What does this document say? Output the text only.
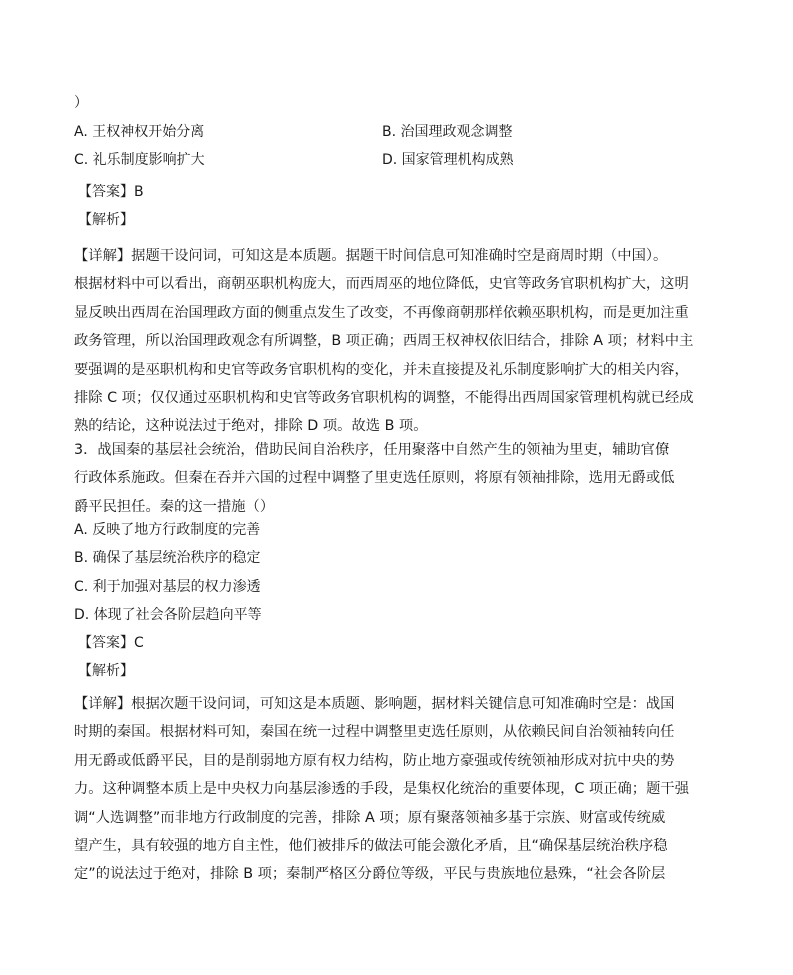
）
A. 王权神权开始分离	B. 治国理政观念调整
C. 礼乐制度影响扩大	D. 国家管理机构成熟
【答案】B
【解析】
【详解】据题干设问词，可知这是本质题。据题干时间信息可知准确时空是商周时期（中国）。
根据材料中可以看出，商朝巫职机构庞大，而西周巫的地位降低，史官等政务官职机构扩大，这明
显反映出西周在治国理政方面的侧重点发生了改变，不再像商朝那样依赖巫职机构，而是更加注重
政务管理，所以治国理政观念有所调整，B 项正确；西周王权神权依旧结合，排除 A 项；材料中主
要强调的是巫职机构和史官等政务官职机构的变化，并未直接提及礼乐制度影响扩大的相关内容，
排除 C 项；仅仅通过巫职机构和史官等政务官职机构的调整，不能得出西周国家管理机构就已经成
熟的结论，这种说法过于绝对，排除 D 项。故选 B 项。
3．战国秦的基层社会统治，借助民间自治秩序，任用聚落中自然产生的领袖为里吏，辅助官僚
行政体系施政。但秦在吞并六国的过程中调整了里吏选任原则，将原有领袖排除，选用无爵或低
爵平民担任。秦的这一措施（）
A. 反映了地方行政制度的完善
B. 确保了基层统治秩序的稳定
C. 利于加强对基层的权力渗透
D. 体现了社会各阶层趋向平等
【答案】C
【解析】
【详解】根据次题干设问词，可知这是本质题、影响题，据材料关键信息可知准确时空是：战国
时期的秦国。根据材料可知，秦国在统一过程中调整里吏选任原则，从依赖民间自治领袖转向任
用无爵或低爵平民，目的是削弱地方原有权力结构，防止地方豪强或传统领袖形成对抗中央的势
力。这种调整本质上是中央权力向基层渗透的手段，是集权化统治的重要体现，C 项正确；题干强
调“人选调整”而非地方行政制度的完善，排除 A 项；原有聚落领袖多基于宗族、财富或传统威
望产生，具有较强的地方自主性，他们被排斥的做法可能会激化矛盾，且“确保基层统治秩序稳
定”的说法过于绝对，排除 B 项；秦制严格区分爵位等级，平民与贵族地位悬殊，“社会各阶层
